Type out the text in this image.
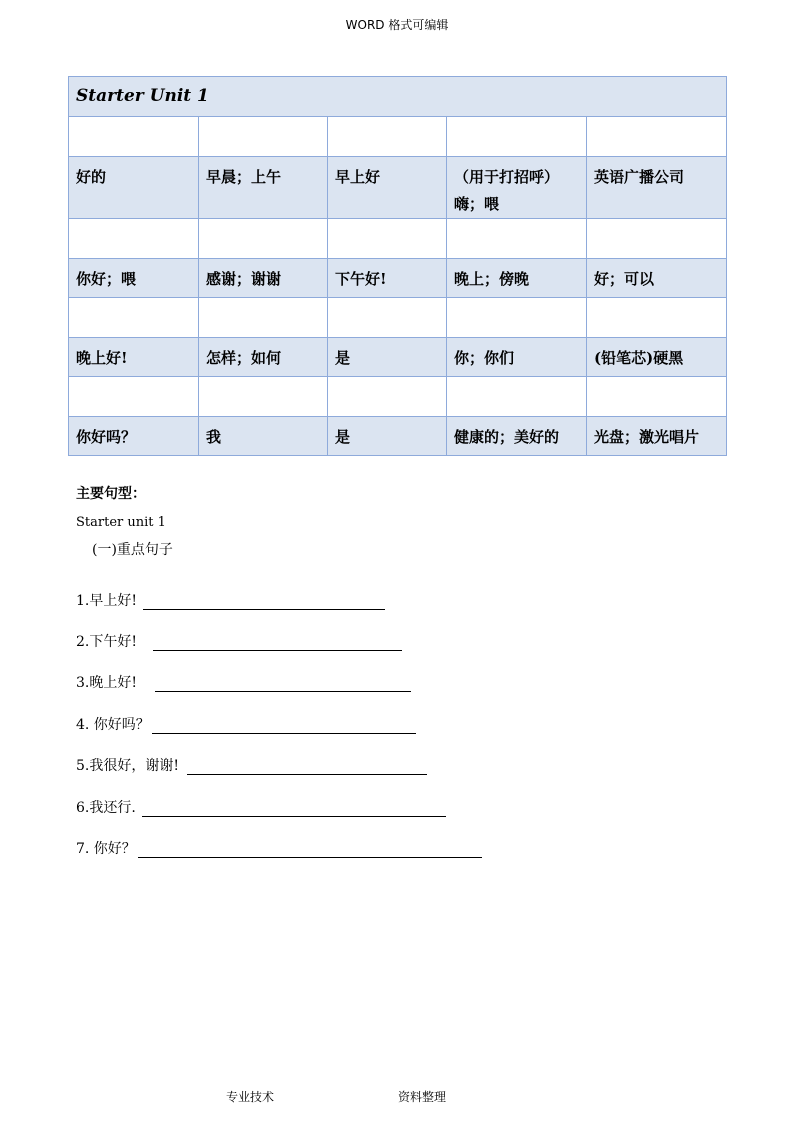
WORD 格式可编辑
Starter Unit 1				

好的	早晨；上午	早上好	（用于打招呼）嗨；喂	英语广播公司

你好；喂	感谢；谢谢	下午好!	晚上；傍晚	好；可以

晚上好!	怎样；如何	是	你；你们	(铅笔芯)硬黑

你好吗？	我	是	健康的；美好的	光盘；激光唱片
主要句型：
Starter unit 1
(一)重点句子
1.早上好!
2.下午好!
3.晚上好!
4. 你好吗？
5.我很好，谢谢!
6.我还行.
7. 你好？
专业技术	资料整理
